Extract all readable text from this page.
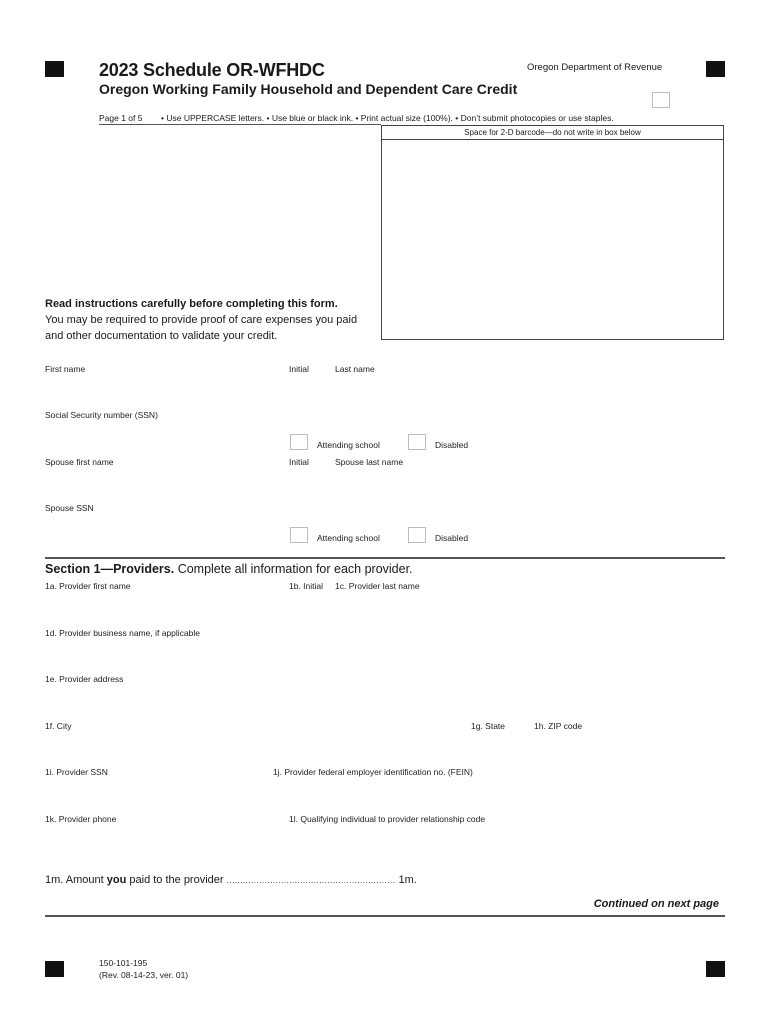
2023 Schedule OR-WFHDC	Oregon Department of Revenue
Oregon Working Family Household and Dependent Care Credit
Page 1 of 5 • Use UPPERCASE letters. • Use blue or black ink. • Print actual size (100%). • Don’t submit photocopies or use staples.
Space for 2-D barcode—do not write in box below
Read instructions carefully before completing this form.
You may be required to provide proof of care expenses you paid
and other documentation to validate your credit.
First name	Initial	Last name
Social Security number (SSN)
Attending school	Disabled
Spouse first name	Initial	Spouse last name
Spouse SSN
Attending school	Disabled
Section 1—Providers. Complete all information for each provider.
1a. Provider first name	1b. Initial 1c. Provider last name
1d. Provider business name, if applicable
1e. Provider address
1f. City	1g. State	1h. ZIP code
1i. Provider SSN	1j. Provider federal employer identification no. (FEIN)
1k. Provider phone	1l. Qualifying individual to provider relationship code
1m. Amount you paid to the provider .............................................................. 1m.
Continued on next page
150-101-195
(Rev. 08-14-23, ver. 01)
